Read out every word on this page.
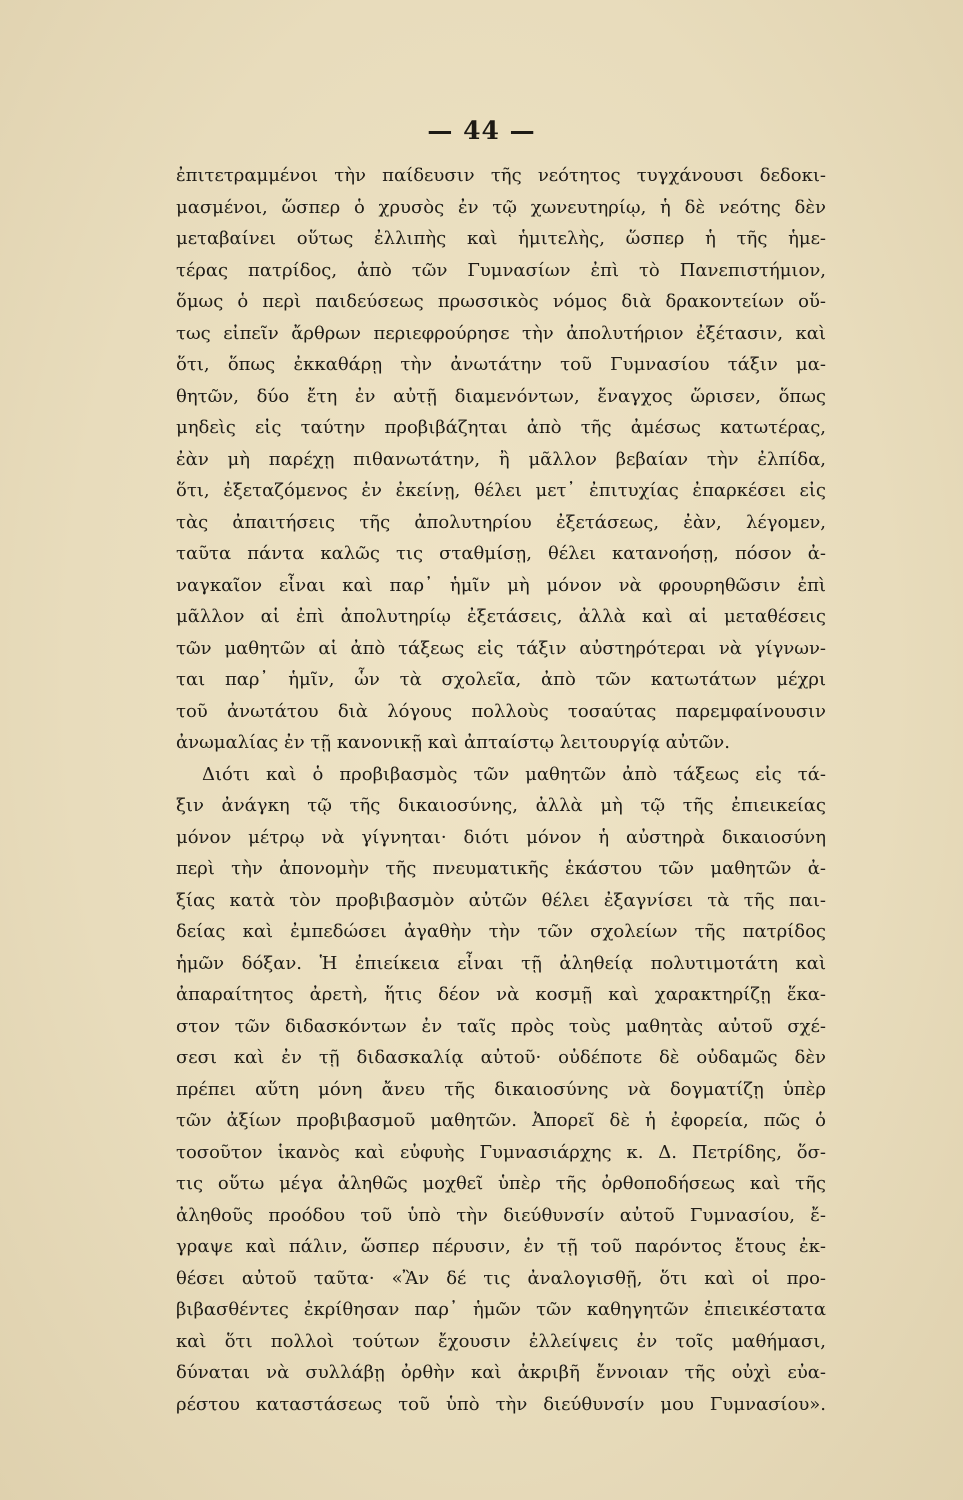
— 44 —
ἐπιτετραμμένοι τὴν παίδευσιν τῆς νεότητος τυγχάνουσι δεδοκι-
μασμένοι, ὥσπερ ὁ χρυσὸς ἐν τῷ χωνευτηρίῳ, ἡ δὲ νεότης δὲν
μεταβαίνει οὕτως ἐλλιπὴς καὶ ἡμιτελὴς, ὥσπερ ἡ τῆς ἡμε-
τέρας πατρίδος, ἀπὸ τῶν Γυμνασίων ἐπὶ τὸ Πανεπιστήμιον,
ὅμως ὁ περὶ παιδεύσεως πρωσσικὸς νόμος διὰ δρακοντείων οὕ-
τως εἰπεῖν ἄρθρων περιεφρούρησε τὴν ἀπολυτήριον ἐξέτασιν, καὶ
ὅτι, ὅπως ἐκκαθάρῃ τὴν ἀνωτάτην τοῦ Γυμνασίου τάξιν μα-
θητῶν, δύο ἔτη ἐν αὐτῇ διαμενόντων, ἔναγχος ὥρισεν, ὅπως
μηδεὶς εἰς ταύτην προβιβάζηται ἀπὸ τῆς ἀμέσως κατωτέρας,
ἐὰν μὴ παρέχῃ πιθανωτάτην, ἢ μᾶλλον βεβαίαν τὴν ἐλπίδα,
ὅτι, ἐξεταζόμενος ἐν ἐκείνῃ, θέλει μετ᾽ ἐπιτυχίας ἐπαρκέσει εἰς
τὰς ἀπαιτήσεις τῆς ἀπολυτηρίου ἐξετάσεως, ἐὰν, λέγομεν,
ταῦτα πάντα καλῶς τις σταθμίσῃ, θέλει κατανοήσῃ, πόσον ἀ-
ναγκαῖον εἶναι καὶ παρ᾽ ἡμῖν μὴ μόνον νὰ φρουρηθῶσιν ἐπὶ
μᾶλλον αἱ ἐπὶ ἀπολυτηρίῳ ἐξετάσεις, ἀλλὰ καὶ αἱ μεταθέσεις
τῶν μαθητῶν αἱ ἀπὸ τάξεως εἰς τάξιν αὐστηρότεραι νὰ γίγνων-
ται παρ᾽ ἡμῖν, ὧν τὰ σχολεῖα, ἀπὸ τῶν κατωτάτων μέχρι
τοῦ ἀνωτάτου διὰ λόγους πολλοὺς τοσαύτας παρεμφαίνουσιν
ἀνωμαλίας ἐν τῇ κανονικῇ καὶ ἀπταίστῳ λειτουργίᾳ αὐτῶν.
Διότι καὶ ὁ προβιβασμὸς τῶν μαθητῶν ἀπὸ τάξεως εἰς τά-
ξιν ἀνάγκη τῷ τῆς δικαιοσύνης, ἀλλὰ μὴ τῷ τῆς ἐπιεικείας
μόνον μέτρῳ νὰ γίγνηται· διότι μόνον ἡ αὐστηρὰ δικαιοσύνη
περὶ τὴν ἀπονομὴν τῆς πνευματικῆς ἑκάστου τῶν μαθητῶν ἀ-
ξίας κατὰ τὸν προβιβασμὸν αὐτῶν θέλει ἐξαγνίσει τὰ τῆς παι-
δείας καὶ ἐμπεδώσει ἀγαθὴν τὴν τῶν σχολείων τῆς πατρίδος
ἡμῶν δόξαν. Ἡ ἐπιείκεια εἶναι τῇ ἀληθείᾳ πολυτιμοτάτη καὶ
ἀπαραίτητος ἀρετὴ, ἥτις δέον νὰ κοσμῇ καὶ χαρακτηρίζῃ ἕκα-
στον τῶν διδασκόντων ἐν ταῖς πρὸς τοὺς μαθητὰς αὐτοῦ σχέ-
σεσι καὶ ἐν τῇ διδασκαλίᾳ αὐτοῦ· οὐδέποτε δὲ οὐδαμῶς δὲν
πρέπει αὕτη μόνη ἄνευ τῆς δικαιοσύνης νὰ δογματίζῃ ὑπὲρ
τῶν ἀξίων προβιβασμοῦ μαθητῶν. Ἀπορεῖ δὲ ἡ ἐφορεία, πῶς ὁ
τοσοῦτον ἱκανὸς καὶ εὐφυὴς Γυμνασιάρχης κ. Δ. Πετρίδης, ὅσ-
τις οὕτω μέγα ἀληθῶς μοχθεῖ ὑπὲρ τῆς ὀρθοποδήσεως καὶ τῆς
ἀληθοῦς προόδου τοῦ ὑπὸ τὴν διεύθυνσίν αὐτοῦ Γυμνασίου, ἔ-
γραψε καὶ πάλιν, ὥσπερ πέρυσιν, ἐν τῇ τοῦ παρόντος ἔτους ἐκ-
θέσει αὐτοῦ ταῦτα· «Ἂν δέ τις ἀναλογισθῇ, ὅτι καὶ οἱ προ-
βιβασθέντες ἐκρίθησαν παρ᾽ ἡμῶν τῶν καθηγητῶν ἐπιεικέστατα
καὶ ὅτι πολλοὶ τούτων ἔχουσιν ἐλλείψεις ἐν τοῖς μαθήμασι,
δύναται νὰ συλλάβῃ ὀρθὴν καὶ ἀκριβῆ ἔννοιαν τῆς οὐχὶ εὐα-
ρέστου καταστάσεως τοῦ ὑπὸ τὴν διεύθυνσίν μου Γυμνασίου».
